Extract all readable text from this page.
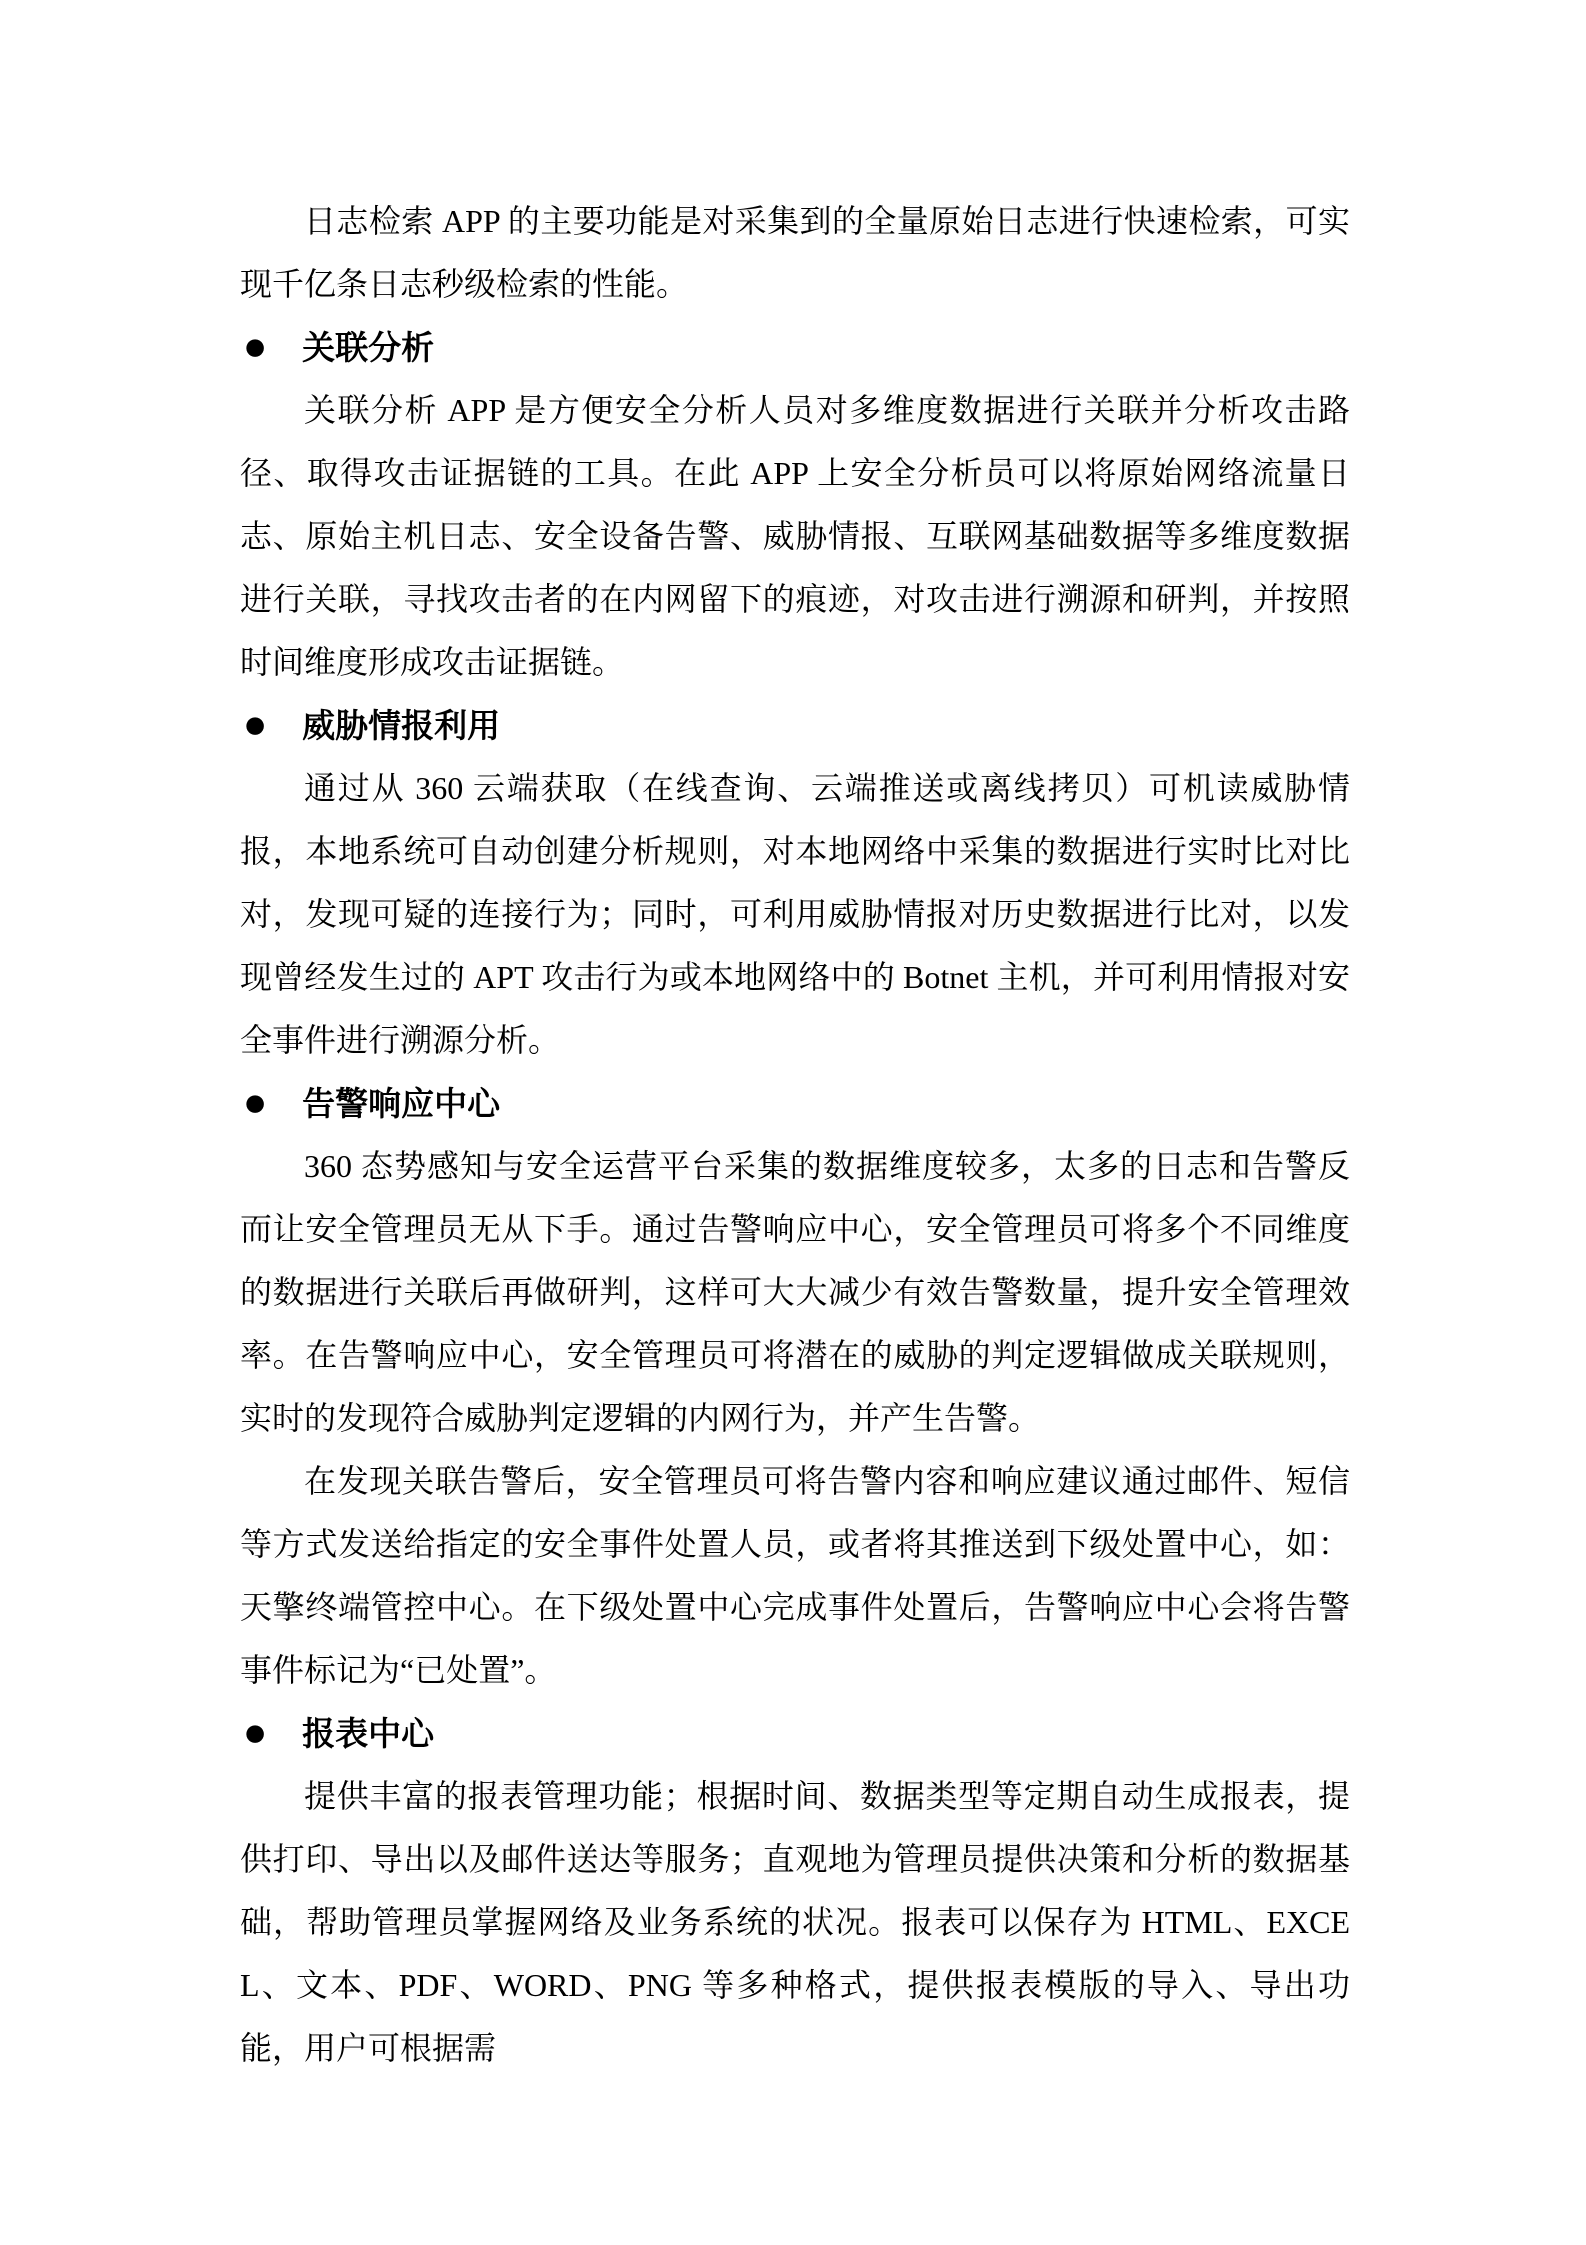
日志检索 APP 的主要功能是对采集到的全量原始日志进行快速检索，可实现千亿条日志秒级检索的性能。

● 关联分析

关联分析 APP 是方便安全分析人员对多维度数据进行关联并分析攻击路径、取得攻击证据链的工具。在此 APP 上安全分析员可以将原始网络流量日志、原始主机日志、安全设备告警、威胁情报、互联网基础数据等多维度数据进行关联，寻找攻击者的在内网留下的痕迹，对攻击进行溯源和研判，并按照时间维度形成攻击证据链。

● 威胁情报利用

通过从 360 云端获取（在线查询、云端推送或离线拷贝）可机读威胁情报，本地系统可自动创建分析规则，对本地网络中采集的数据进行实时比对比对，发现可疑的连接行为；同时，可利用威胁情报对历史数据进行比对，以发现曾经发生过的 APT 攻击行为或本地网络中的 Botnet 主机，并可利用情报对安全事件进行溯源分析。

● 告警响应中心

360 态势感知与安全运营平台采集的数据维度较多，太多的日志和告警反而让安全管理员无从下手。通过告警响应中心，安全管理员可将多个不同维度的数据进行关联后再做研判，这样可大大减少有效告警数量，提升安全管理效率。在告警响应中心，安全管理员可将潜在的威胁的判定逻辑做成关联规则，实时的发现符合威胁判定逻辑的内网行为，并产生告警。

在发现关联告警后，安全管理员可将告警内容和响应建议通过邮件、短信等方式发送给指定的安全事件处置人员，或者将其推送到下级处置中心，如：天擎终端管控中心。在下级处置中心完成事件处置后，告警响应中心会将告警事件标记为“已处置”。

● 报表中心

提供丰富的报表管理功能；根据时间、数据类型等定期自动生成报表，提供打印、导出以及邮件送达等服务；直观地为管理员提供决策和分析的数据基础，帮助管理员掌握网络及业务系统的状况。报表可以保存为 HTML、EXCEL、文本、PDF、WORD、PNG 等多种格式，提供报表模版的导入、导出功能，用户可根据需
